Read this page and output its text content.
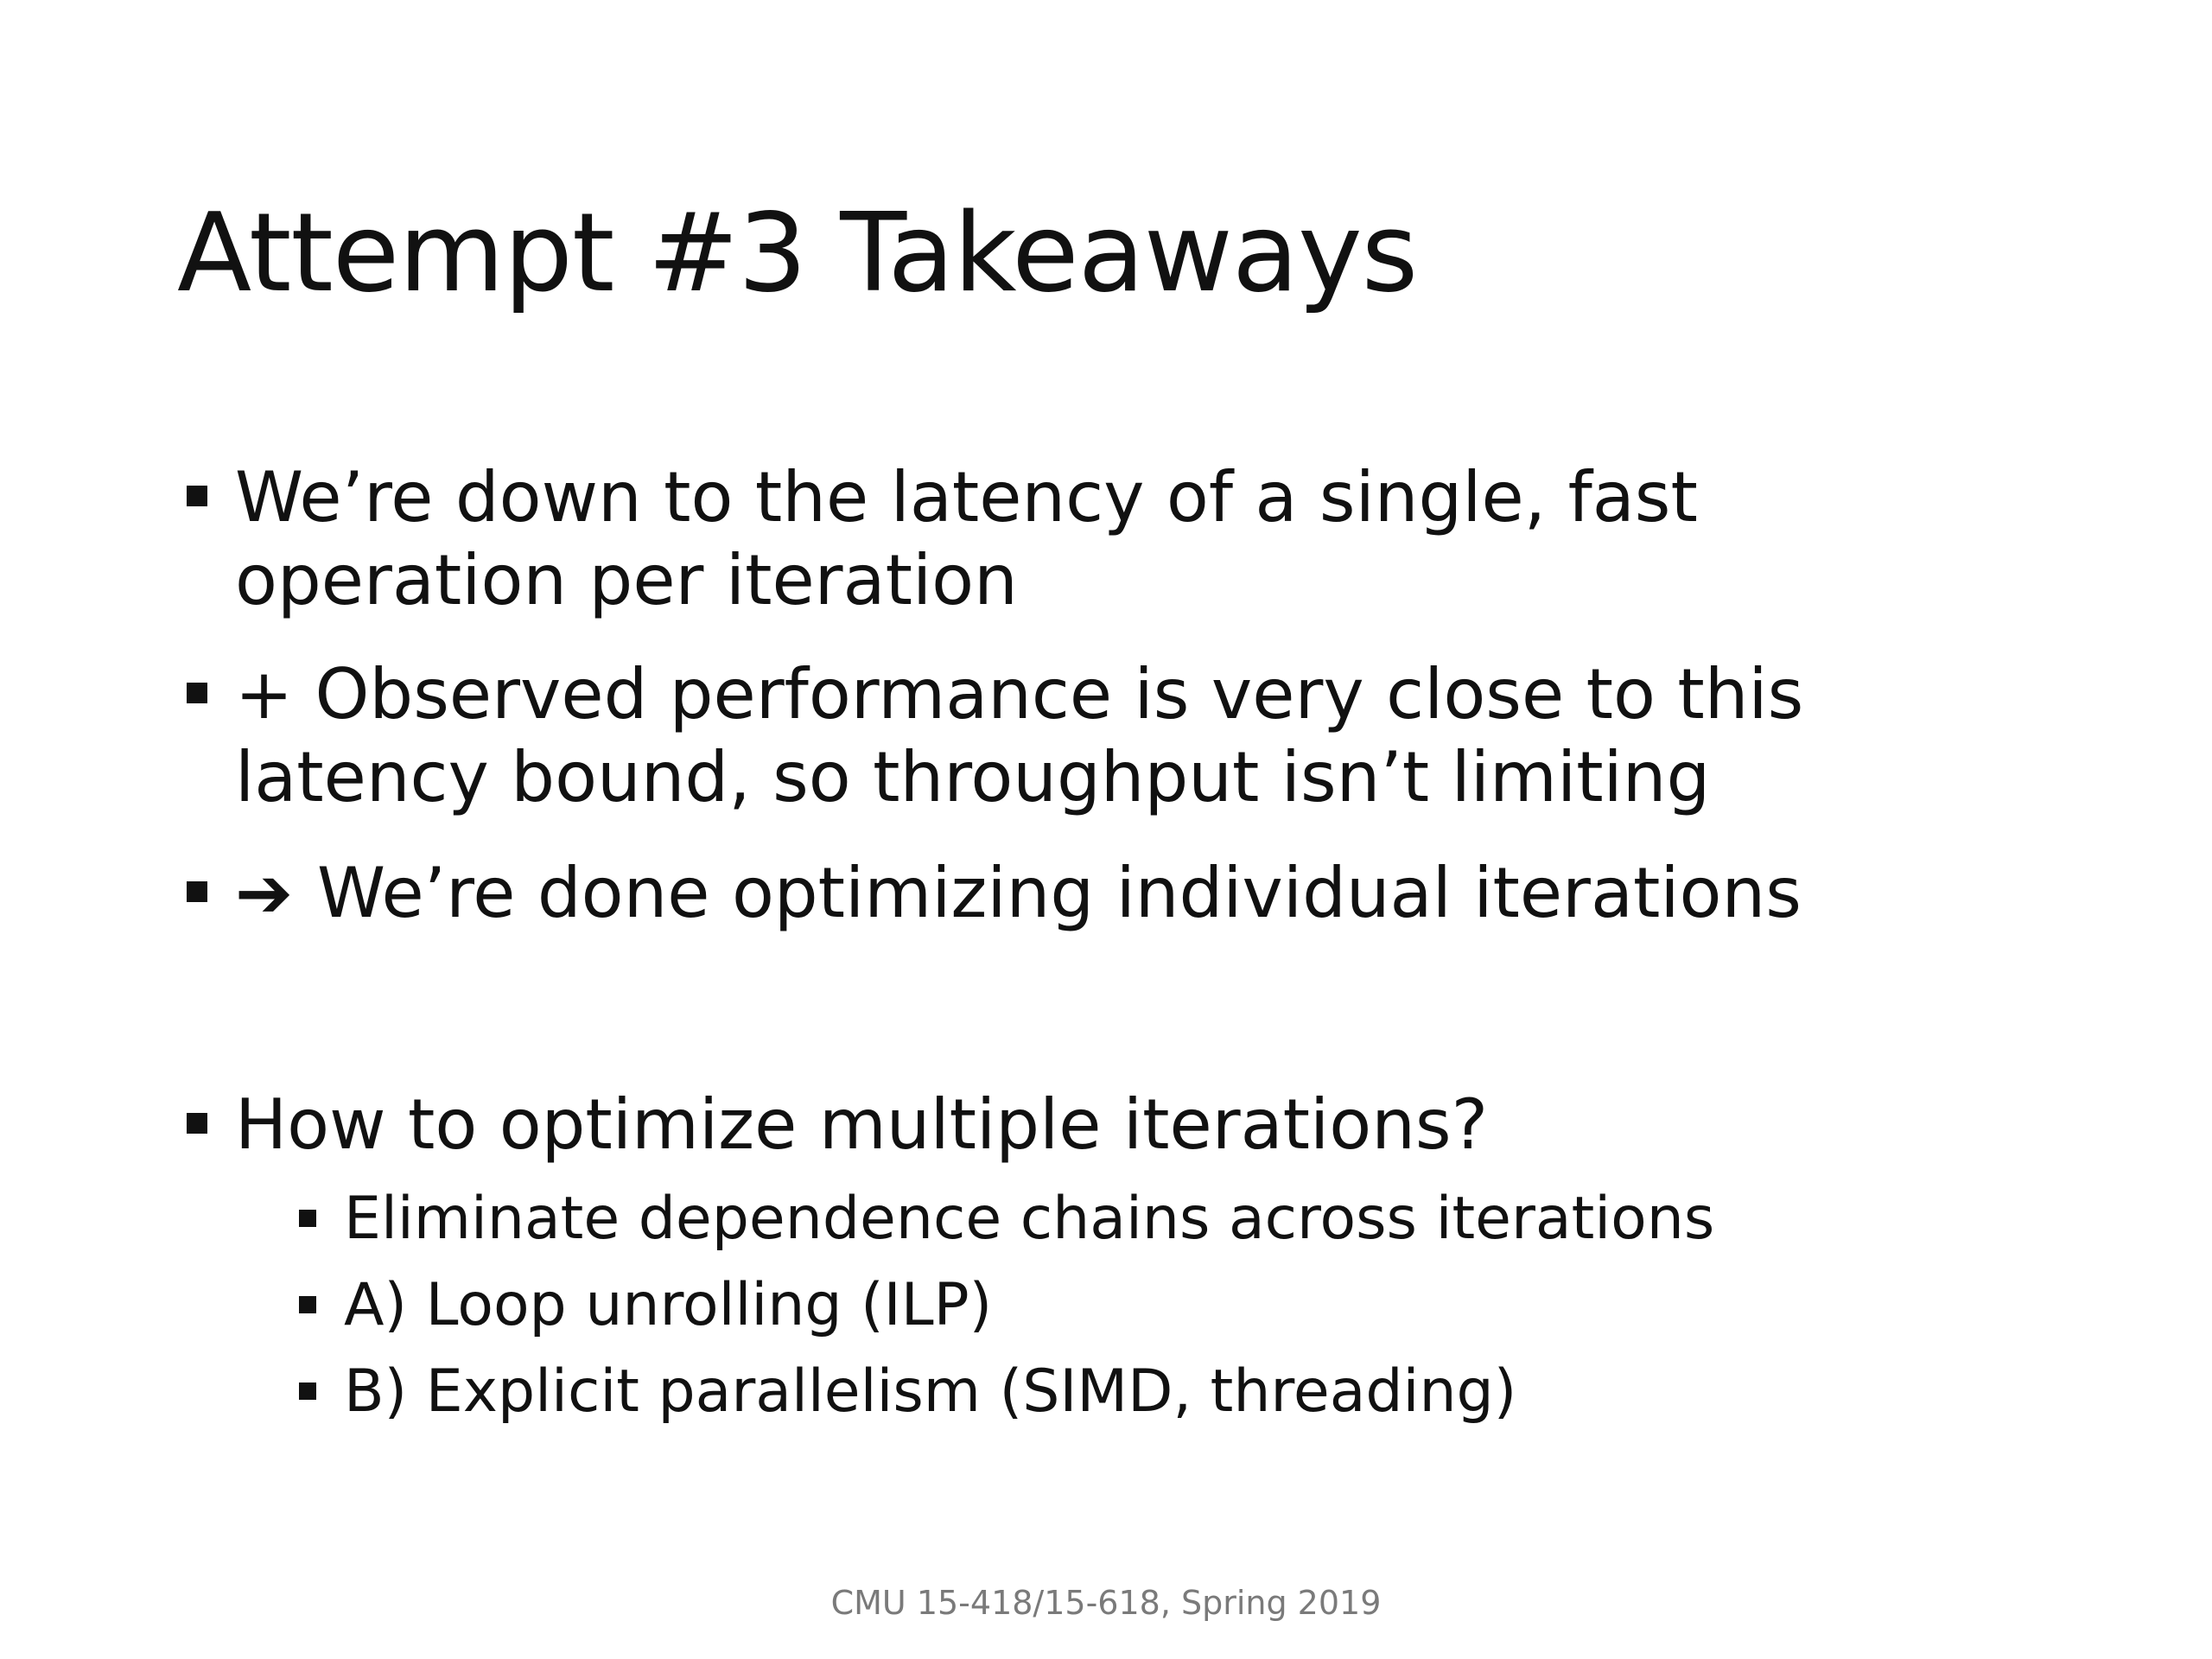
Attempt #3 Takeaways
We’re down to the latency of a single, fast
operation per iteration
+ Observed performance is very close to this
latency bound, so throughput isn’t limiting
➔ We’re done optimizing individual iterations
How to optimize multiple iterations?
Eliminate dependence chains across iterations
A) Loop unrolling (ILP)
B) Explicit parallelism (SIMD, threading)
CMU 15-418/15-618, Spring 2019
